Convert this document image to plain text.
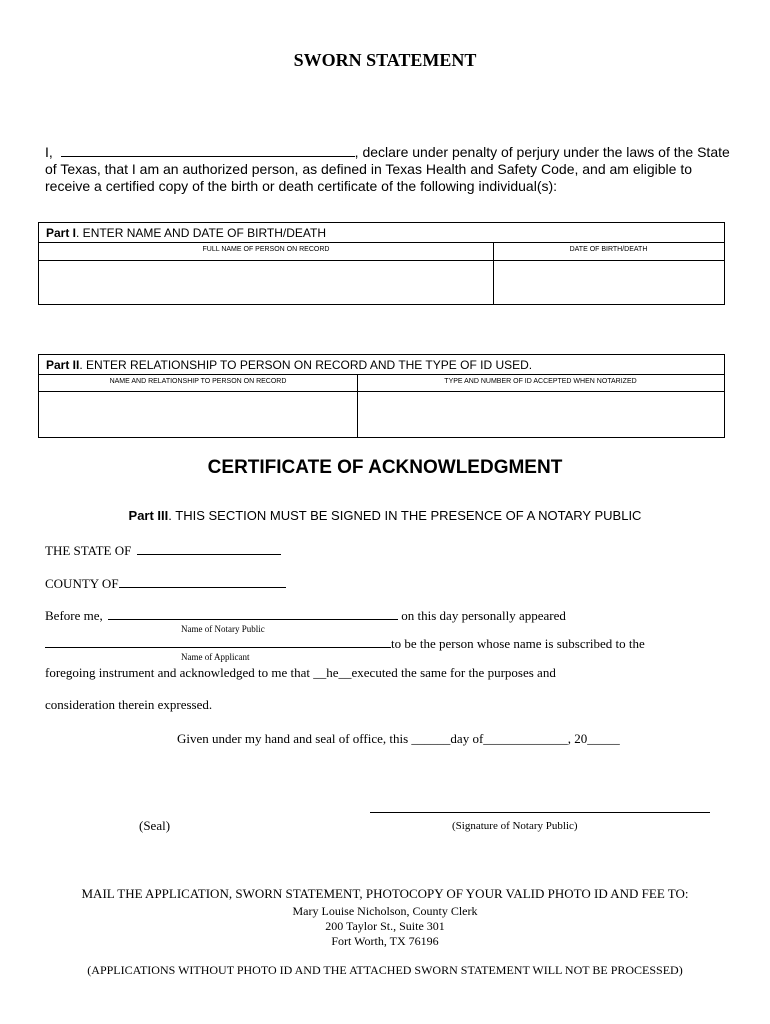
SWORN STATEMENT
I,	, declare under penalty of perjury under the laws of the State
of Texas, that I am an authorized person, as defined in Texas Health and Safety Code, and am eligible to
receive a certified copy of the birth or death certificate of the following individual(s):
Part I. ENTER NAME AND DATE OF BIRTH/DEATH
FULL NAME OF PERSON ON RECORD	DATE OF BIRTH/DEATH
Part II. ENTER RELATIONSHIP TO PERSON ON RECORD AND THE TYPE OF ID USED.
NAME AND RELATIONSHIP TO PERSON ON RECORD	TYPE AND NUMBER OF ID ACCEPTED WHEN NOTARIZED
CERTIFICATE OF ACKNOWLEDGMENT
Part III. THIS SECTION MUST BE SIGNED IN THE PRESENCE OF A NOTARY PUBLIC
THE STATE OF
COUNTY OF
Before me,	on this day personally appeared
Name of Notary Public
to be the person whose name is subscribed to the
Name of Applicant
foregoing instrument and acknowledged to me that __he__executed the same for the purposes and
consideration therein expressed.
Given under my hand and seal of office, this ______day of_____________, 20_____
(Seal)	(Signature of Notary Public)
MAIL THE APPLICATION, SWORN STATEMENT, PHOTOCOPY OF YOUR VALID PHOTO ID AND FEE TO:
Mary Louise Nicholson, County Clerk
200 Taylor St., Suite 301
Fort Worth, TX 76196
(APPLICATIONS WITHOUT PHOTO ID AND THE ATTACHED SWORN STATEMENT WILL NOT BE PROCESSED)
